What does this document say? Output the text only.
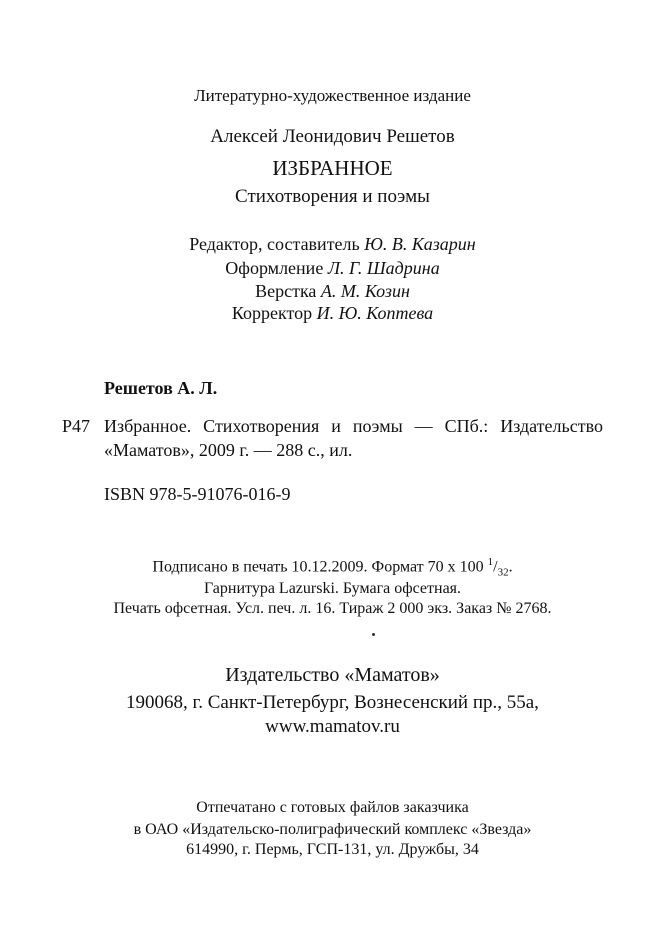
Литературно-художественное издание
Алексей Леонидович Решетов
ИЗБРАННОЕ
Стихотворения и поэмы
Редактор, составитель Ю. В. Казарин
Оформление Л. Г. Шадрина
Верстка А. М. Козин
Корректор И. Ю. Коптева
Решетов А. Л.
Р47 Избранное. Стихотворения и поэмы — СПб.: Издательство
«Маматов», 2009 г. — 288 с., ил.
ISBN 978-5-91076-016-9
Подписано в печать 10.12.2009. Формат 70 x 100 $^1/_{32}$.
Гарнитура Lazurski. Бумага офсетная.
Печать офсетная. Усл. печ. л. 16. Тираж 2 000 экз. Заказ № 2768.
Издательство «Маматов»
190068, г. Санкт-Петербург, Вознесенский пр., 55а,
www.mamatov.ru
Отпечатано с готовых файлов заказчика
в ОАО «Издательско-полиграфический комплекс «Звезда»
614990, г. Пермь, ГСП-131, ул. Дружбы, 34
